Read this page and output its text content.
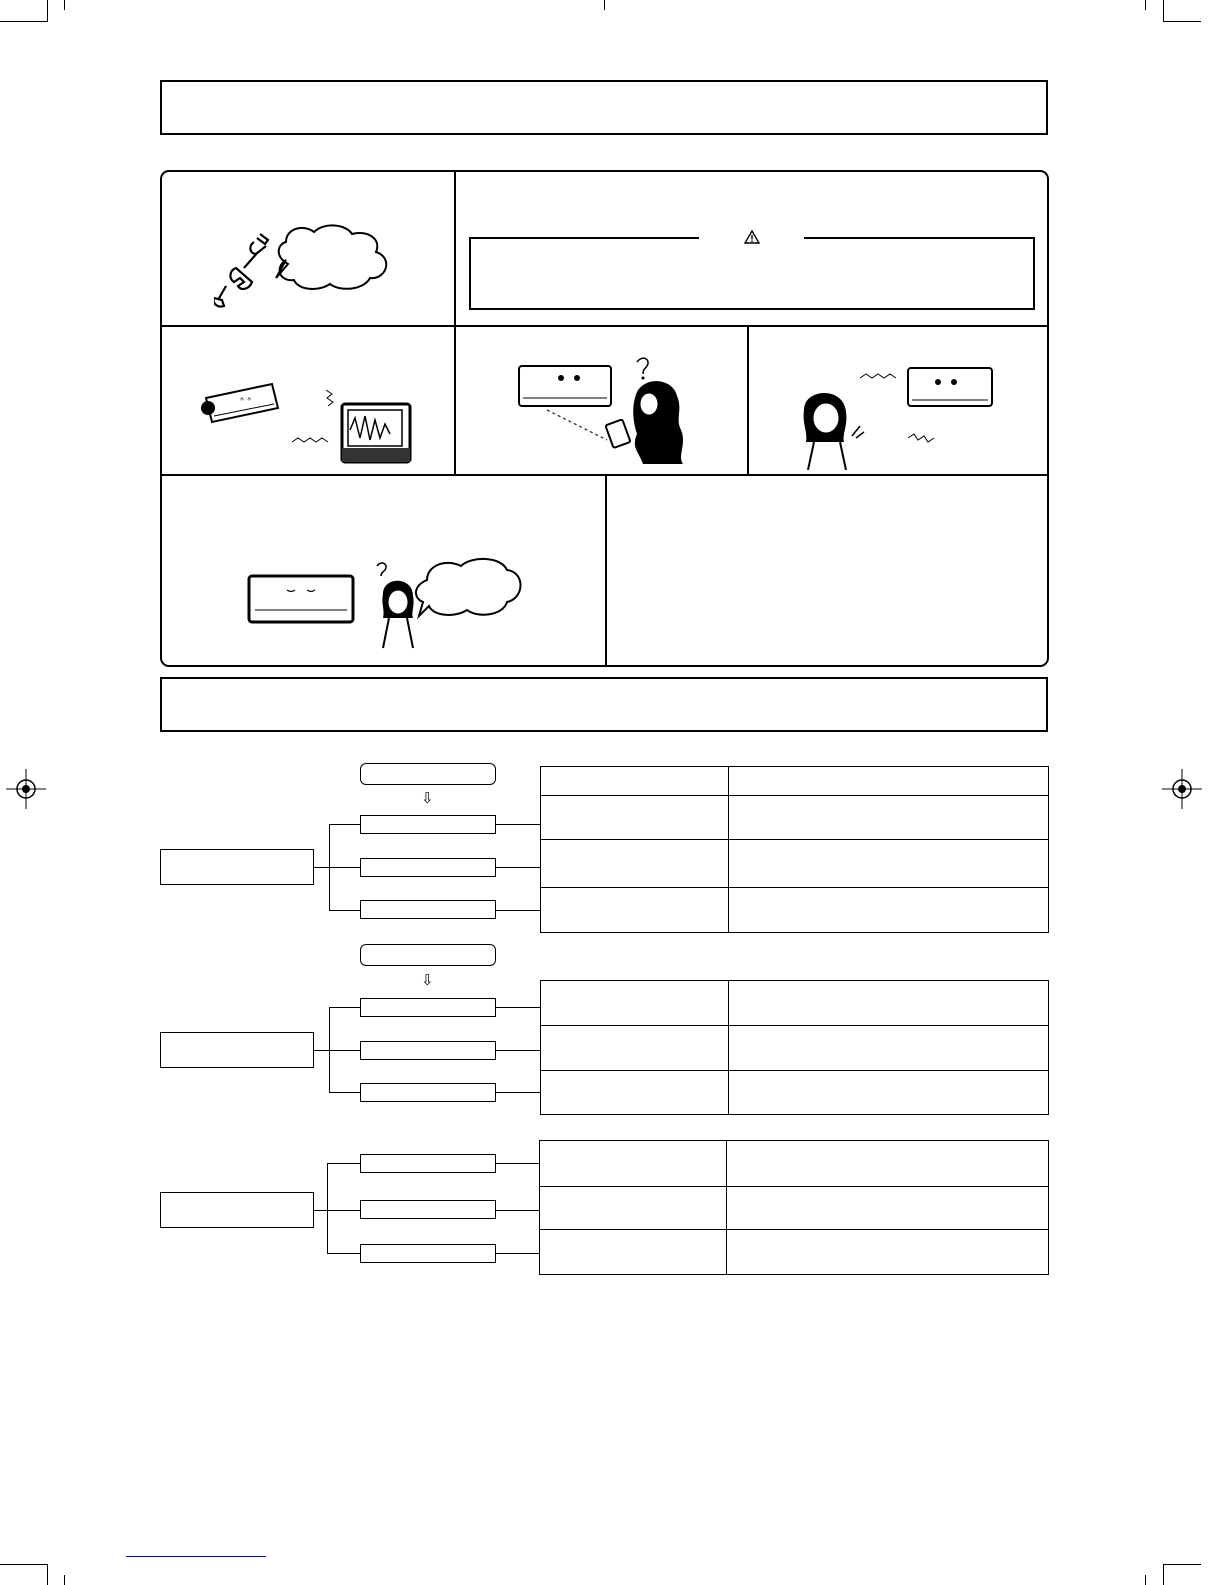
ᐢ ᐢ
⇩

⇩
